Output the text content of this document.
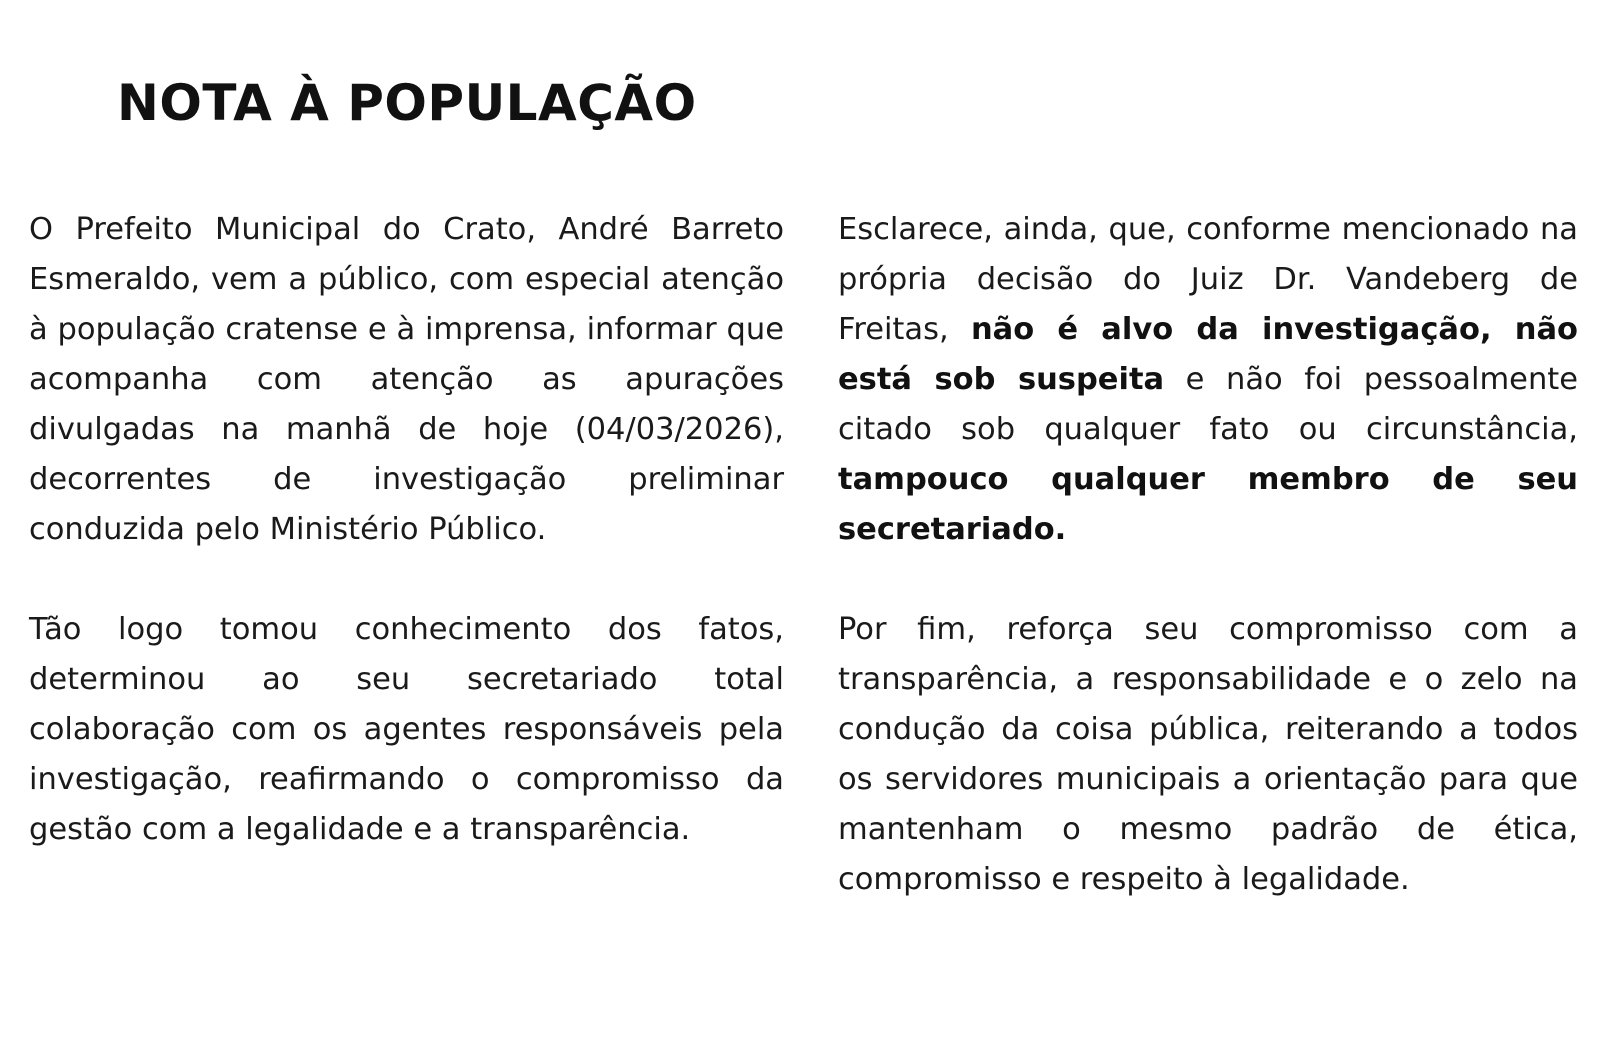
NOTA À POPULAÇÃO

O Prefeito Municipal do Crato, André Barreto Esmeraldo, vem a público, com especial atenção à população cratense e à imprensa, informar que acompanha com atenção as apurações divulgadas na manhã de hoje (04/03/2026), decorrentes de investigação preliminar conduzida pelo Ministério Público.

Tão logo tomou conhecimento dos fatos, determinou ao seu secretariado total colaboração com os agentes responsáveis pela investigação, reafirmando o compromisso da gestão com a legalidade e a transparência.

Esclarece, ainda, que, conforme mencionado na própria decisão do Juiz Dr. Vandeberg de Freitas, não é alvo da investigação, não está sob suspeita e não foi pessoalmente citado sob qualquer fato ou circunstância, tampouco qualquer membro de seu secretariado.

Por fim, reforça seu compromisso com a transparência, a responsabilidade e o zelo na condução da coisa pública, reiterando a todos os servidores municipais a orientação para que mantenham o mesmo padrão de ética, compromisso e respeito à legalidade.
